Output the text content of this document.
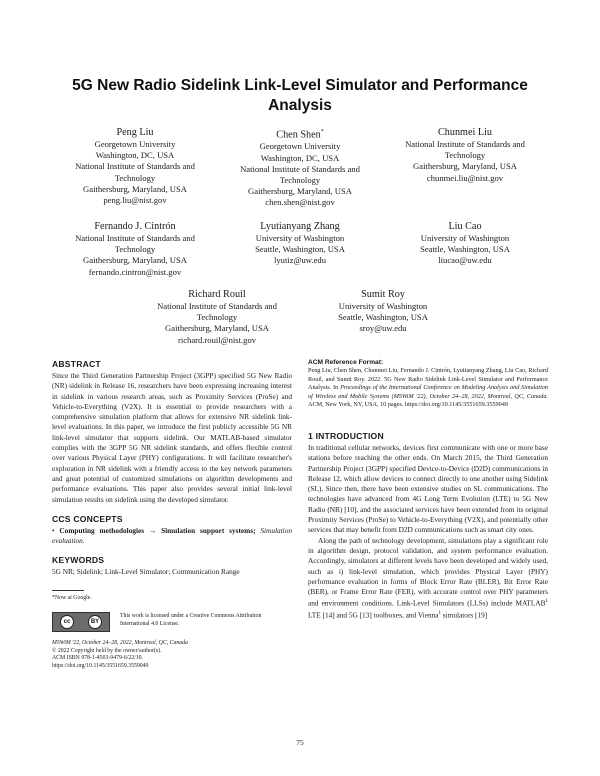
5G New Radio Sidelink Link-Level Simulator and Performance Analysis
Peng Liu
Georgetown University
Washington, DC, USA
National Institute of Standards and
Technology
Gaithersburg, Maryland, USA
peng.liu@nist.gov
Chen Shen*
Georgetown University
Washington, DC, USA
National Institute of Standards and
Technology
Gaithersburg, Maryland, USA
chen.shen@nist.gov
Chunmei Liu
National Institute of Standards and
Technology
Gaithersburg, Maryland, USA
chunmei.liu@nist.gov
Fernando J. Cintrón
National Institute of Standards and
Technology
Gaithersburg, Maryland, USA
fernando.cintron@nist.gov
Lyutianyang Zhang
University of Washington
Seattle, Washington, USA
lyutiz@uw.edu
Liu Cao
University of Washington
Seattle, Washington, USA
liucao@uw.edu
Richard Rouil
National Institute of Standards and
Technology
Gaithersburg, Maryland, USA
richard.rouil@nist.gov
Sumit Roy
University of Washington
Seattle, Washington, USA
sroy@uw.edu
ABSTRACT

Since the Third Generation Partnership Project (3GPP) specified 5G New Radio (NR) sidelink in Release 16, researchers have been expressing increasing interest in sidelink in various research areas, such as Proximity Services (ProSe) and Vehicle-to-Everything (V2X). It is essential to provide researchers with a comprehensive simulation platform that allows for extensive NR sidelink link-level evaluations. In this paper, we introduce the first publicly accessible 5G NR link-level simulator that supports sidelink. Our MATLAB-based simulator complies with the 3GPP 5G NR sidelink standards, and offers flexible control over various Physical Layer (PHY) configurations. It will facilitate researcher's exploration in NR sidelink with a friendly access to the key network parameters and great potential of customized simulations on algorithm developments and performance evaluations. This paper also provides several initial link-level simulation results on sidelink using the developed simulator.

CCS CONCEPTS

• Computing methodologies → Simulation support systems; Simulation evaluation.

KEYWORDS

5G NR; Sidelink; Link-Level Simulator; Communication Range

*Now at Google.
cc	BY
This work is licensed under a Creative Commons Attribution
International 4.0 License.
MSWiM '22, October 24–28, 2022, Montreal, QC, Canada
© 2022 Copyright held by the owner/author(s).
ACM ISBN 978-1-4503-9479-6/22/10.
https://doi.org/10.1145/3551659.3559049
ACM Reference Format:

Peng Liu, Chen Shen, Chunmei Liu, Fernando J. Cintrón, Lyutianyang Zhang, Liu Cao, Richard Rouil, and Sumit Roy. 2022. 5G New Radio Sidelink Link-Level Simulator and Performance Analysis. In Proceedings of the International Conference on Modeling Analysis and Simulation of Wireless and Mobile Systems (MSWiM '22), October 24–28, 2022, Montreal, QC, Canada. ACM, New York, NY, USA, 10 pages. https://doi.org/10.1145/3551659.3559049

1 INTRODUCTION

In traditional cellular networks, devices first communicate with one or more base stations before reaching the other ends. On March 2015, the Third Generation Partnership Project (3GPP) specified Device-to-Device (D2D) communications in Release 12, which allow devices to connect directly to one another using Sidelink (SL). Since then, there have been extensive studies on SL communications. The technologies have advanced from 4G Long Term Evolution (LTE) to 5G New Radio (NR) [10], and the associated services have been extended from its original Proximity Services (ProSe) to Vehicle-to-Everything (V2X), and potentially other services that may benefit from D2D communications such as smart city ones.

Along the path of technology development, simulations play a significant role in algorithm design, protocol validation, and system performance evaluation. Accordingly, simulators at different levels have been developed and widely used, such as i) link-level simulation, which provides Physical Layer (PHY) performance evaluation in forms of Block Error Rate (BLER), Bit Error Rate (BER), or Frame Error Rate (FER), with accurate control over PHY parameters and environment conditions. Link-Level Simulators (LLSs) include MATLAB$^1$ LTE [14] and 5G [13] toolboxes, and Vienna$^1$ simulators [19]

75
